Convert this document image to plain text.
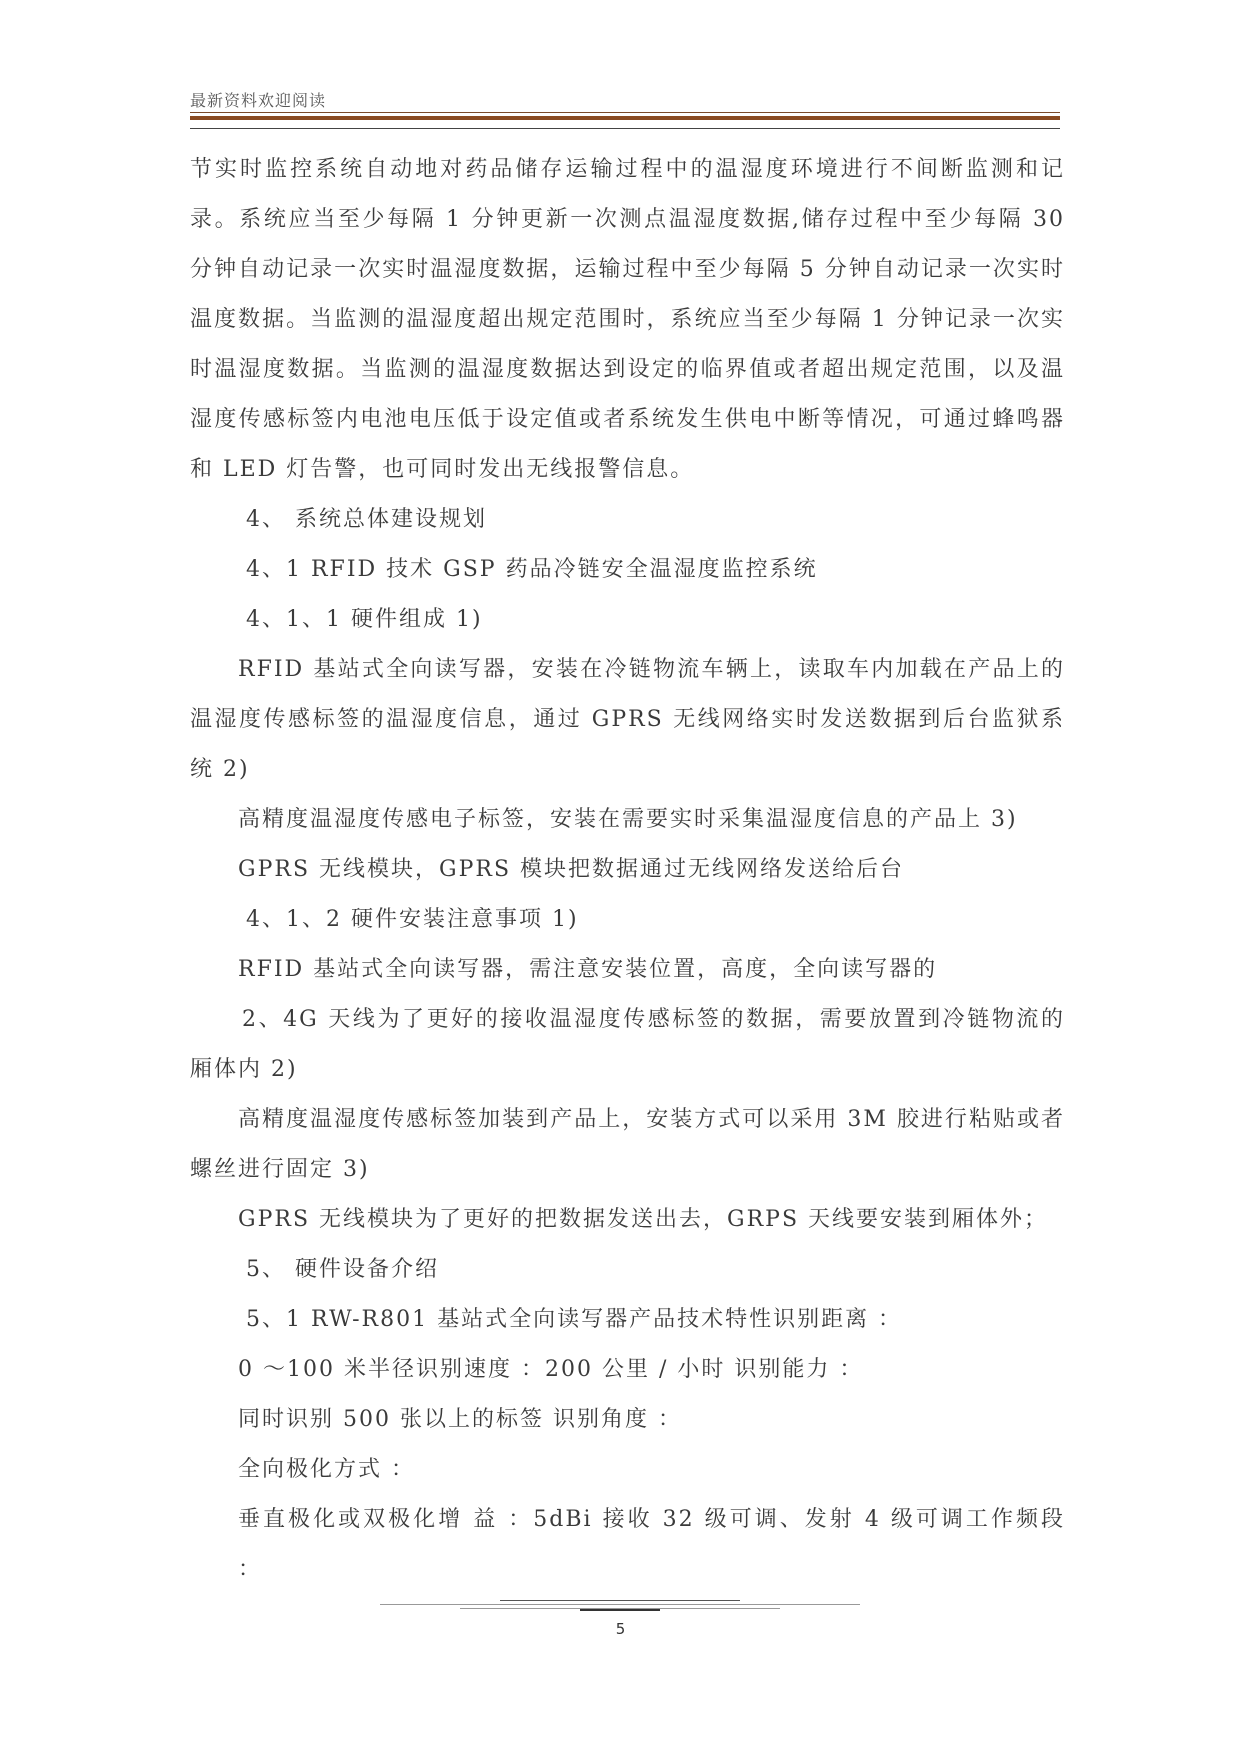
最新资料欢迎阅读

节实时监控系统自动地对药品储存运输过程中的温湿度环境进行不间断监测和记录。系统应当至少每隔 1 分钟更新一次测点温湿度数据,储存过程中至少每隔 30 分钟自动记录一次实时温湿度数据，运输过程中至少每隔 5 分钟自动记录一次实时温度数据。当监测的温湿度超出规定范围时，系统应当至少每隔 1 分钟记录一次实时温湿度数据。当监测的温湿度数据达到设定的临界值或者超出规定范围，以及温湿度传感标签内电池电压低于设定值或者系统发生供电中断等情况，可通过蜂鸣器和 LED 灯告警，也可同时发出无线报警信息。

4、 系统总体建设规划

4、1 RFID 技术 GSP 药品冷链安全温湿度监控系统

4、1、1 硬件组成 1)

RFID 基站式全向读写器，安装在冷链物流车辆上，读取车内加载在产品上的温湿度传感标签的温湿度信息，通过 GPRS 无线网络实时发送数据到后台监狱系统 2)

高精度温湿度传感电子标签，安装在需要实时采集温湿度信息的产品上 3)

GPRS 无线模块，GPRS 模块把数据通过无线网络发送给后台

4、1、2 硬件安装注意事项 1)

RFID 基站式全向读写器，需注意安装位置，高度，全向读写器的

2、4G 天线为了更好的接收温湿度传感标签的数据，需要放置到冷链物流的厢体内 2)

高精度温湿度传感标签加装到产品上，安装方式可以采用 3M 胶进行粘贴或者螺丝进行固定 3)

GPRS 无线模块为了更好的把数据发送出去，GRPS 天线要安装到厢体外；

5、 硬件设备介绍

5、1 RW-R801 基站式全向读写器产品技术特性识别距离 ：

0 ～100 米半径识别速度 ：200 公里 / 小时 识别能力 ：

同时识别 500 张以上的标签 识别角度 ：

全向极化方式 ：

垂直极化或双极化增 益 ：5dBi 接收 32 级可调、发射 4 级可调工作频段 ：

5
